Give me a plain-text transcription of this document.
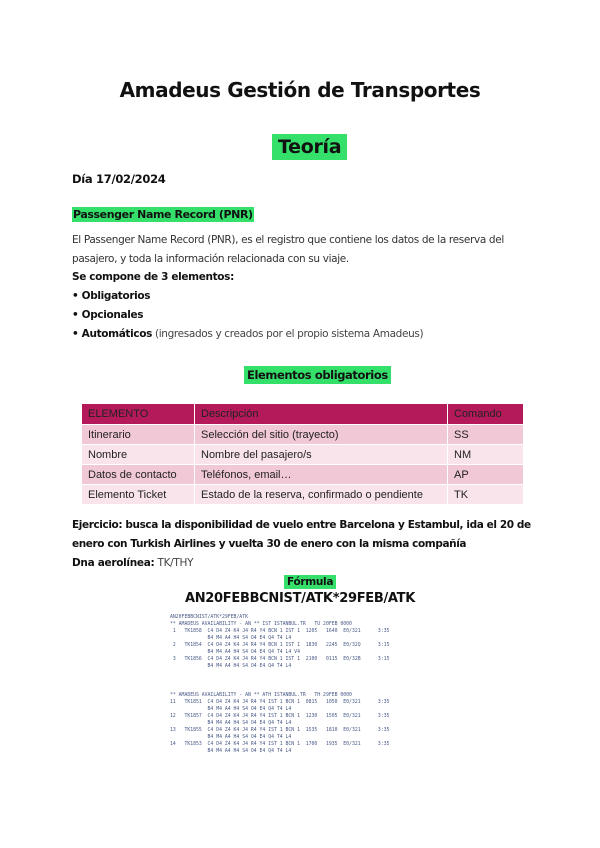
Amadeus Gestión de Transportes
Teoría
Día 17/02/2024
Passenger Name Record (PNR)
El Passenger Name Record (PNR), es el registro que contiene los datos de la reserva del pasajero, y toda la información relacionada con su viaje.
Se compone de 3 elementos:
• Obligatorios
• Opcionales
• Automáticos (ingresados y creados por el propio sistema Amadeus)
Elementos obligatorios
ELEMENTO	Descripción	Comando
Itinerario	Selección del sitio (trayecto)	SS
Nombre	Nombre del pasajero/s	NM
Datos de contacto	Teléfonos, email…	AP
Elemento Ticket	Estado de la reserva, confirmado o pendiente	TK
Ejercicio: busca la disponibilidad de vuelo entre Barcelona y Estambul, ida el 20 de enero con Turkish Airlines y vuelta 30 de enero con la misma compañía
Dna aerolínea: TK/THY
Fórmula
AN20FEBBCNIST/ATK*29FEB/ATK
AN20FEBBCNIST/ATK*29FEB/ATK
** AMADEUS AVAILABILITY - AN ** IST ISTANBUL.TR   TU 20FEB 0000
1   TK1858  C4 D4 Z4 K4 J4 R4 Y4 BCN 1 IST 1  1205   1640  E0/321      3:35
B4 M4 A4 H4 S4 O4 E4 Q4 T4 L4
2   TK1854  C4 D4 Z4 K4 J4 R4 Y4 BCN 1 IST 1  1830   2245  E0/32Q      3:15
B4 M4 A4 H4 S4 O4 E4 Q4 T4 L4 V4
3   TK1856  C4 D4 Z4 K4 J4 R4 Y4 BCN 1 IST 1  2100   0115  E0/32B      3:15
B4 M4 A4 H4 S4 O4 E4 Q4 T4 L4
** AMADEUS AVAILABILITY - AN ** ATH ISTANBUL.TR   TH 29FEB 0000
11   TK1851  C4 D4 Z4 K4 J4 R4 Y4 IST 1 BCN 1  0815   1050  E0/321      3:35
B4 M4 A4 H4 S4 O4 E4 Q4 T4 L4
12   TK1857  C4 D4 Z4 K4 J4 R4 Y4 IST 1 BCN 1  1230   1505  E0/321      3:35
B4 M4 A4 H4 S4 O4 E4 Q4 T4 L4
13   TK1855  C4 D4 Z4 K4 J4 R4 Y4 IST 1 BCN 1  1535   1810  E0/321      3:35
B4 M4 A4 H4 S4 O4 E4 Q4 T4 L4
14   TK1853  C4 D4 Z4 K4 J4 R4 Y4 IST 1 BCN 1  1700   1935  E0/321      3:35
B4 M4 A4 H4 S4 O4 E4 Q4 T4 L4
